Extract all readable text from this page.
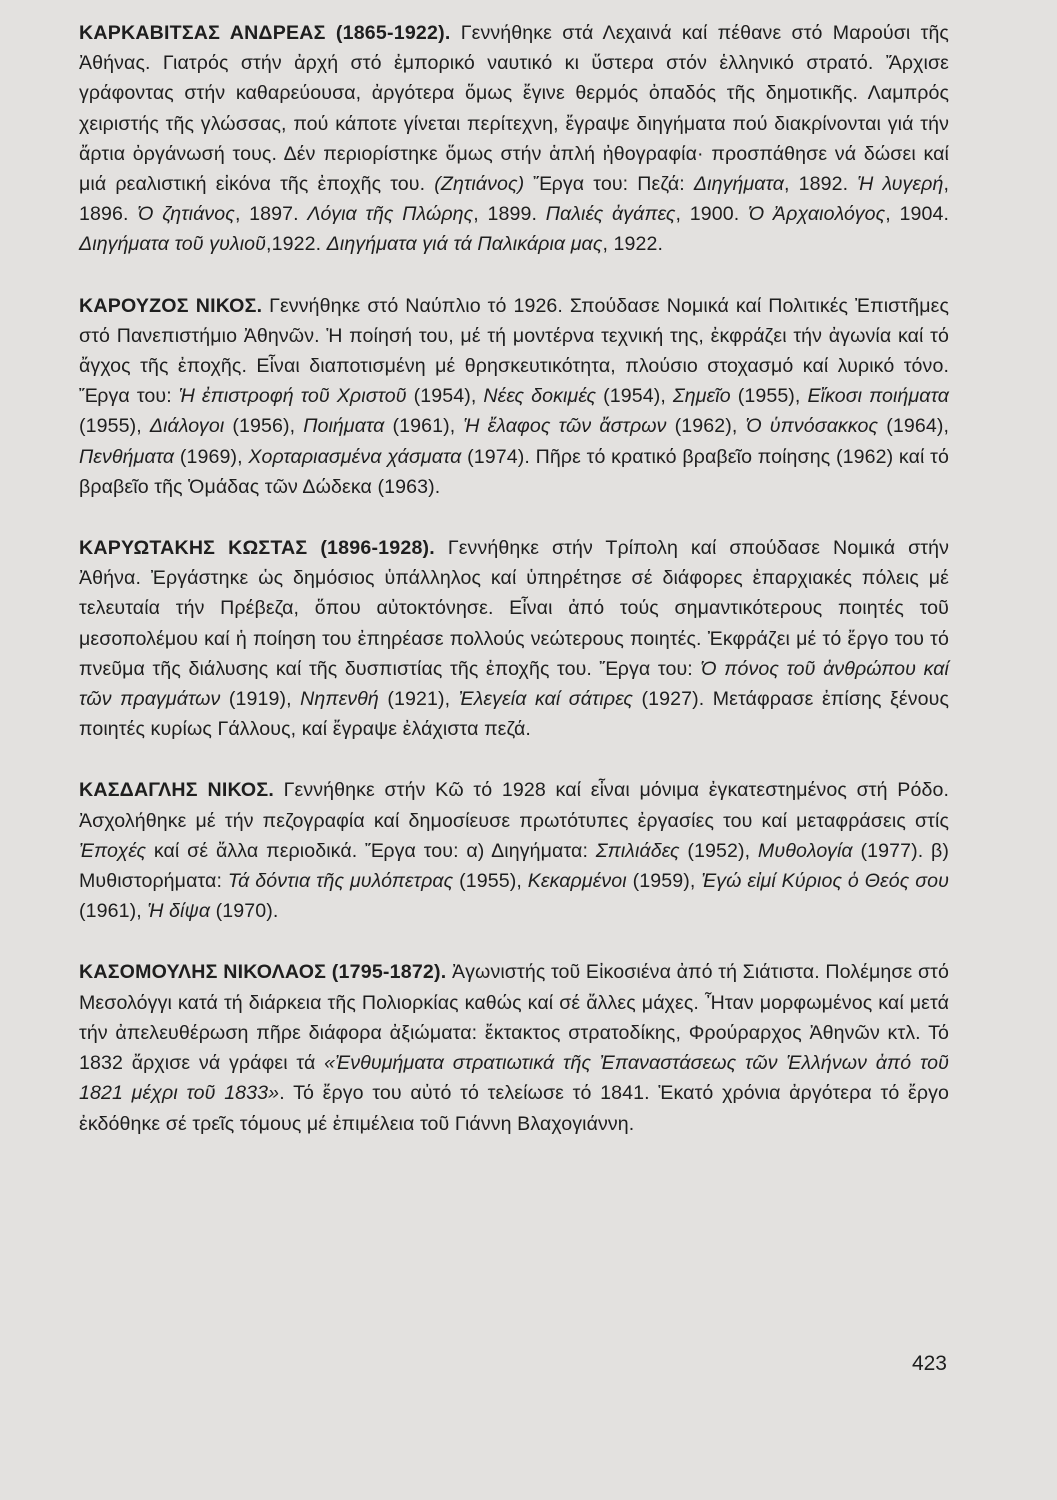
ΚΑΡΚΑΒΙΤΣΑΣ ΑΝΔΡΕΑΣ (1865-1922). Γεννήθηκε στά Λεχαινά καί πέθανε στό Μαρούσι τῆς Ἀθήνας. Γιατρός στήν ἀρχή στό ἐμπορικό ναυτικό κι ὕστερα στόν ἑλληνικό στρατό. Ἄρχισε γράφοντας στήν καθαρεύουσα, ἀργότερα ὅμως ἔγινε θερμός ὀπαδός τῆς δημοτικῆς. Λαμπρός χειριστής τῆς γλώσσας, πού κάποτε γίνεται περίτεχνη, ἔγραψε διηγήματα πού διακρίνονται γιά τήν ἄρτια ὀργάνωσή τους. Δέν περιορίστηκε ὅμως στήν ἁπλή ἠθογραφία· προσπάθησε νά δώσει καί μιά ρεαλιστική εἰκόνα τῆς ἐποχῆς του. (Ζητιάνος) Ἔργα του: Πεζά: Διηγήματα, 1892. Ἡ λυγερή, 1896. Ὁ ζητιάνος, 1897. Λόγια τῆς Πλώρης, 1899. Παλιές ἀγάπες, 1900. Ὁ Ἀρχαιολόγος, 1904. Διηγήματα τοῦ γυλιοῦ,1922. Διηγήματα γιά τά Παλικάρια μας, 1922.

ΚΑΡΟΥΖΟΣ ΝΙΚΟΣ. Γεννήθηκε στό Ναύπλιο τό 1926. Σπούδασε Νομικά καί Πολιτικές Ἐπιστῆμες στό Πανεπιστήμιο Ἀθηνῶν. Ἡ ποίησή του, μέ τή μοντέρνα τεχνική της, ἐκφράζει τήν ἀγωνία καί τό ἄγχος τῆς ἐποχῆς. Εἶναι διαποτισμένη μέ θρησκευτικότητα, πλούσιο στοχασμό καί λυρικό τόνο. Ἔργα του: Ἡ ἐπιστροφή τοῦ Χριστοῦ (1954), Νέες δοκιμές (1954), Σημεῖο (1955), Εἴκοσι ποιήματα (1955), Διάλογοι (1956), Ποιήματα (1961), Ἡ ἔλαφος τῶν ἄστρων (1962), Ὁ ὑπνόσακκος (1964), Πενθήματα (1969), Χορταριασμένα χάσματα (1974). Πῆρε τό κρατικό βραβεῖο ποίησης (1962) καί τό βραβεῖο τῆς Ὁμάδας τῶν Δώδεκα (1963).

ΚΑΡΥΩΤΑΚΗΣ ΚΩΣΤΑΣ (1896-1928). Γεννήθηκε στήν Τρίπολη καί σπούδασε Νομικά στήν Ἀθήνα. Ἐργάστηκε ὡς δημόσιος ὑπάλληλος καί ὑπηρέτησε σέ διάφορες ἐπαρχιακές πόλεις μέ τελευταία τήν Πρέβεζα, ὅπου αὐτοκτόνησε. Εἶναι ἀπό τούς σημαντικότερους ποιητές τοῦ μεσοπολέμου καί ἡ ποίηση του ἐπηρέασε πολλούς νεώτερους ποιητές. Ἐκφράζει μέ τό ἔργο του τό πνεῦμα τῆς διάλυσης καί τῆς δυσπιστίας τῆς ἐποχῆς του. Ἔργα του: Ὁ πόνος τοῦ ἀνθρώπου καί τῶν πραγμάτων (1919), Νηπενθή (1921), Ἐλεγεία καί σάτιρες (1927). Μετάφρασε ἐπίσης ξένους ποιητές κυρίως Γάλλους, καί ἔγραψε ἐλάχιστα πεζά.

ΚΑΣΔΑΓΛΗΣ ΝΙΚΟΣ. Γεννήθηκε στήν Κῶ τό 1928 καί εἶναι μόνιμα ἐγκατεστημένος στή Ρόδο. Ἀσχολήθηκε μέ τήν πεζογραφία καί δημοσίευσε πρωτότυπες ἐργασίες του καί μεταφράσεις στίς Ἐποχές καί σέ ἄλλα περιοδικά. Ἔργα του: α) Διηγήματα: Σπιλιάδες (1952), Μυθολογία (1977). β) Μυθιστορήματα: Τά δόντια τῆς μυλόπετρας (1955), Κεκαρμένοι (1959), Ἐγώ εἰμί Κύριος ὁ Θεός σου (1961), Ἡ δίψα (1970).

ΚΑΣΟΜΟΥΛΗΣ ΝΙΚΟΛΑΟΣ (1795-1872). Ἀγωνιστής τοῦ Εἰκοσιένα ἀπό τή Σιάτιστα. Πολέμησε στό Μεσολόγγι κατά τή διάρκεια τῆς Πολιορκίας καθώς καί σέ ἄλλες μάχες. Ἦταν μορφωμένος καί μετά τήν ἀπελευθέρωση πῆρε διάφορα ἀξιώματα: ἔκτακτος στρατοδίκης, Φρούραρχος Ἀθηνῶν κτλ. Τό 1832 ἄρχισε νά γράφει τά «Ἐνθυμήματα στρατιωτικά τῆς Ἐπαναστάσεως τῶν Ἑλλήνων ἀπό τοῦ 1821 μέχρι τοῦ 1833». Τό ἔργο του αὐτό τό τελείωσε τό 1841. Ἑκατό χρόνια ἀργότερα τό ἔργο ἐκδόθηκε σέ τρεῖς τόμους μέ ἐπιμέλεια τοῦ Γιάννη Βλαχογιάννη.

423
